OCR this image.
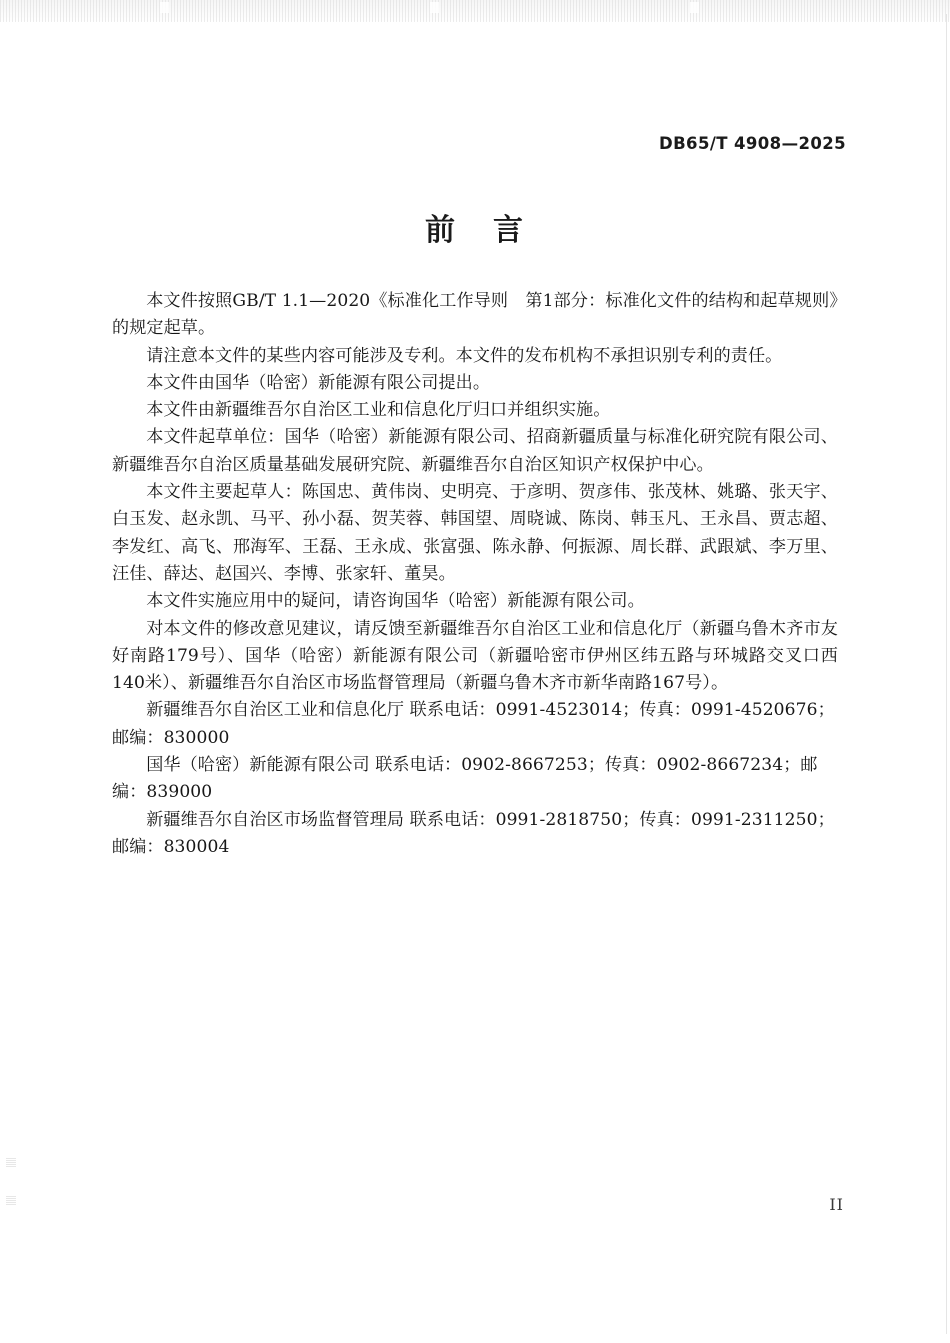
DB65/T 4908—2025
前 言

本文件按照GB/T 1.1—2020《标准化工作导则　第1部分：标准化文件的结构和起草规则》的规定起草。

请注意本文件的某些内容可能涉及专利。本文件的发布机构不承担识别专利的责任。

本文件由国华（哈密）新能源有限公司提出。

本文件由新疆维吾尔自治区工业和信息化厅归口并组织实施。

本文件起草单位：国华（哈密）新能源有限公司、招商新疆质量与标准化研究院有限公司、新疆维吾尔自治区质量基础发展研究院、新疆维吾尔自治区知识产权保护中心。

本文件主要起草人：陈国忠、黄伟岗、史明亮、于彦明、贺彦伟、张茂林、姚璐、张天宇、白玉发、赵永凯、马平、孙小磊、贺芙蓉、韩国望、周晓诚、陈岗、韩玉凡、王永昌、贾志超、李发红、高飞、邢海军、王磊、王永成、张富强、陈永静、何振源、周长群、武跟斌、李万里、汪佳、薛达、赵国兴、李博、张家轩、董昊。

本文件实施应用中的疑问，请咨询国华（哈密）新能源有限公司。

对本文件的修改意见建议，请反馈至新疆维吾尔自治区工业和信息化厅（新疆乌鲁木齐市友好南路179号）、国华（哈密）新能源有限公司（新疆哈密市伊州区纬五路与环城路交叉口西140米）、新疆维吾尔自治区市场监督管理局（新疆乌鲁木齐市新华南路167号）。

新疆维吾尔自治区工业和信息化厅 联系电话：0991-4523014；传真：0991-4520676；邮编：830000

国华（哈密）新能源有限公司 联系电话：0902-8667253；传真：0902-8667234；邮编：839000

新疆维吾尔自治区市场监督管理局 联系电话：0991-2818750；传真：0991-2311250；邮编：830004

II
